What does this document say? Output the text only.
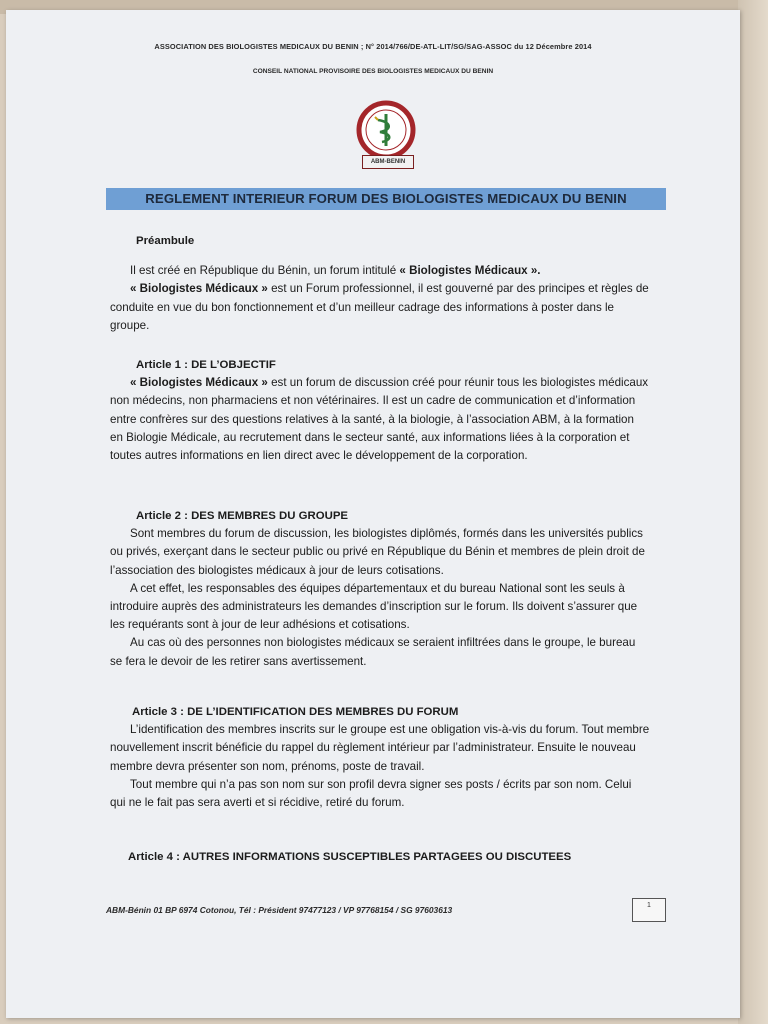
ASSOCIATION DES BIOLOGISTES MEDICAUX DU BENIN ; N° 2014/766/DE-ATL-LIT/SG/SAG-ASSOC du 12 Décembre 2014
CONSEIL NATIONAL PROVISOIRE DES BIOLOGISTES MEDICAUX DU BENIN
ABM-BENIN
REGLEMENT INTERIEUR FORUM DES BIOLOGISTES MEDICAUX DU BENIN

Préambule

Il est créé en République du Bénin, un forum intitulé « Biologistes Médicaux ».

« Biologistes Médicaux » est un Forum professionnel, il est gouverné par des principes et règles de conduite en vue du bon fonctionnement et d’un meilleur cadrage des informations à poster dans le groupe.

Article 1 : DE L’OBJECTIF

« Biologistes Médicaux » est un forum de discussion créé pour réunir tous les biologistes médicaux non médecins, non pharmaciens et non vétérinaires. Il est un cadre de communication et d’information entre confrères sur des questions relatives à la santé, à la biologie, à l’association ABM, à la formation en Biologie Médicale, au recrutement dans le secteur santé, aux informations liées à la corporation et toutes autres informations en lien direct avec le développement de la corporation.

Article 2 : DES MEMBRES DU GROUPE

Sont membres du forum de discussion, les biologistes diplômés, formés dans les universités publics ou privés, exerçant dans le secteur public ou privé en République du Bénin et membres de plein droit de l’association des biologistes médicaux à jour de leurs cotisations.

A cet effet, les responsables des équipes départementaux et du bureau National sont les seuls à introduire auprès des administrateurs les demandes d’inscription sur le forum. Ils doivent s’assurer que les requérants sont à jour de leur adhésions et cotisations.

Au cas où des personnes non biologistes médicaux se seraient infiltrées dans le groupe, le bureau se fera le devoir de les retirer sans avertissement.

Article 3 : DE L’IDENTIFICATION DES MEMBRES DU FORUM

L’identification des membres inscrits sur le groupe est une obligation vis-à-vis du forum. Tout membre nouvellement inscrit bénéficie du rappel du règlement intérieur par l’administrateur. Ensuite le nouveau membre devra présenter son nom, prénoms, poste de travail.

Tout membre qui n’a pas son nom sur son profil devra signer ses posts / écrits par son nom. Celui qui ne le fait pas sera averti et si récidive, retiré du forum.

Article 4 : AUTRES INFORMATIONS SUSCEPTIBLES PARTAGEES OU DISCUTEES

ABM-Bénin 01 BP 6974 Cotonou, Tél : Président 97477123 / VP 97768154 / SG 97603613	1
